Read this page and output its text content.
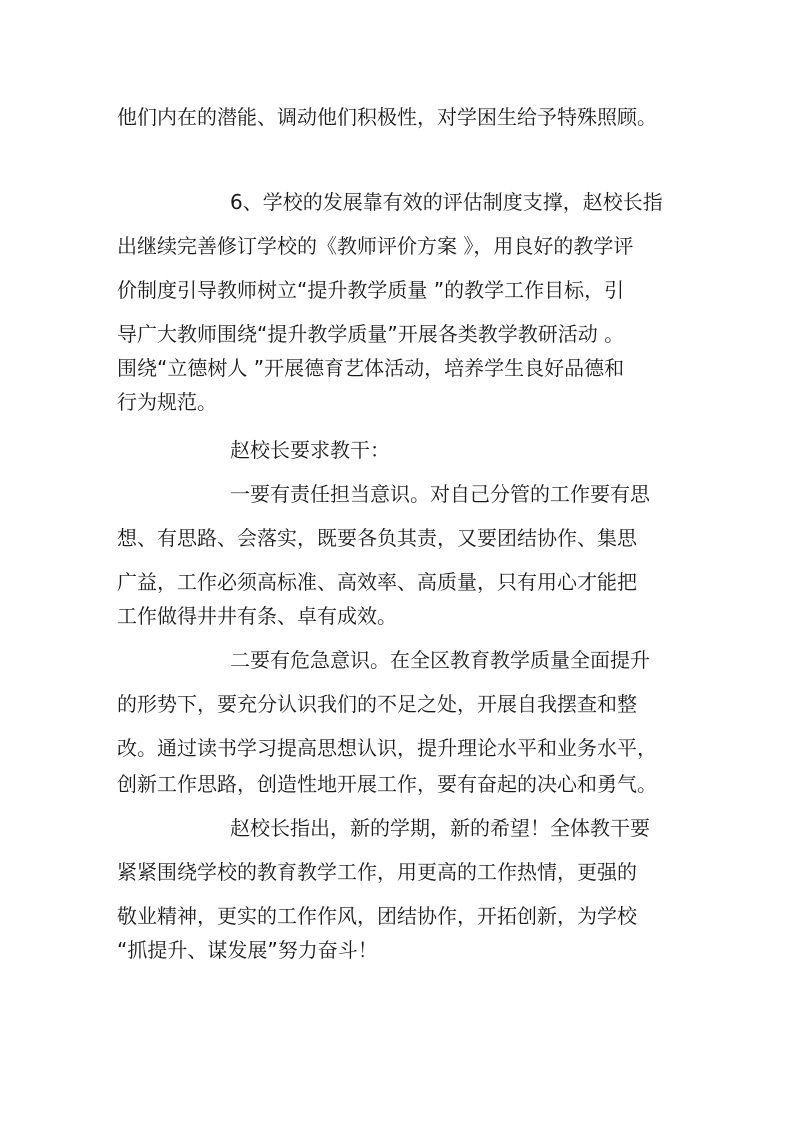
他们内在的潜能、调动他们积极性，对学困生给予特殊照顾。
6、学校的发展靠有效的评估制度支撑，赵校长指
出继续完善修订学校的《教师评价方案 》，用良好的教学评
价制度引导教师树立“提升教学质量 ”的教学工作目标，引
导广大教师围绕“提升教学质量”开展各类教学教研活动 。
围绕“立德树人 ”开展德育艺体活动，培养学生良好品德和
行为规范。
赵校长要求教干：
一要有责任担当意识。对自己分管的工作要有思
想、有思路、会落实，既要各负其责，又要团结协作、集思
广益，工作必须高标准、高效率、高质量，只有用心才能把
工作做得井井有条、卓有成效。
二要有危急意识。在全区教育教学质量全面提升
的形势下，要充分认识我们的不足之处，开展自我摆查和整
改。通过读书学习提高思想认识，提升理论水平和业务水平，
创新工作思路，创造性地开展工作，要有奋起的决心和勇气。
赵校长指出，新的学期，新的希望！全体教干要
紧紧围绕学校的教育教学工作，用更高的工作热情，更强的
敬业精神，更实的工作作风，团结协作，开拓创新，为学校
“抓提升、谋发展”努力奋斗！
